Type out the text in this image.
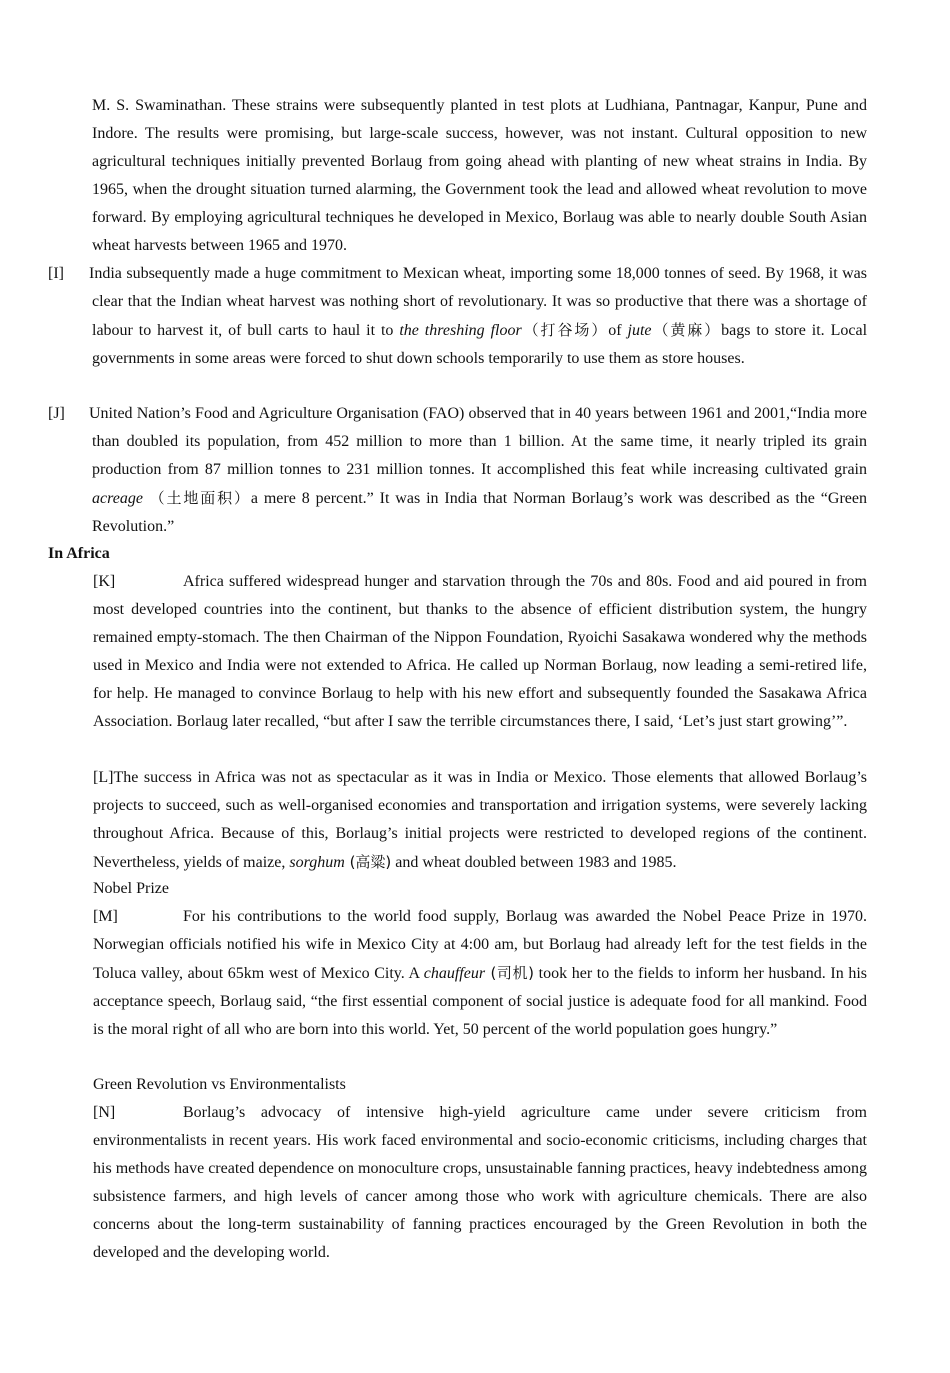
M. S. Swaminathan. These strains were subsequently planted in test plots at Ludhiana, Pantnagar, Kanpur, Pune and Indore. The results were promising, but large-scale success, however, was not instant. Cultural opposition to new agricultural techniques initially prevented Borlaug from going ahead with planting of new wheat strains in India. By 1965, when the drought situation turned alarming, the Government took the lead and allowed wheat revolution to move forward. By employing agricultural techniques he developed in Mexico, Borlaug was able to nearly double South Asian wheat harvests between 1965 and 1970.

[I] India subsequently made a huge commitment to Mexican wheat, importing some 18,000 tonnes of seed. By 1968, it was clear that the Indian wheat harvest was nothing short of revolutionary. It was so productive that there was a shortage of labour to harvest it, of bull carts to haul it to the threshing floor（打谷场）of jute（黄麻）bags to store it. Local governments in some areas were forced to shut down schools temporarily to use them as store houses.

[J] United Nation’s Food and Agriculture Organisation (FAO) observed that in 40 years between 1961 and 2001,“India more than doubled its population, from 452 million to more than 1 billion. At the same time, it nearly tripled its grain production from 87 million tonnes to 231 million tonnes. It accomplished this feat while increasing cultivated grain acreage （土地面积）a mere 8 percent.” It was in India that Norman Borlaug’s work was described as the “Green Revolution.”

In Africa

[K]	Africa suffered widespread hunger and starvation through the 70s and 80s. Food and aid poured in from most developed countries into the continent, but thanks to the absence of efficient distribution system, the hungry remained empty-stomach. The then Chairman of the Nippon Foundation, Ryoichi Sasakawa wondered why the methods used in Mexico and India were not extended to Africa. He called up Norman Borlaug, now leading a semi-retired life, for help. He managed to convince Borlaug to help with his new effort and subsequently founded the Sasakawa Africa Association. Borlaug later recalled, “but after I saw the terrible circumstances there, I said, ‘Let’s just start growing’”.

[L]The success in Africa was not as spectacular as it was in India or Mexico. Those elements that allowed Borlaug’s projects to succeed, such as well-organised economies and transportation and irrigation systems, were severely lacking throughout Africa. Because of this, Borlaug’s initial projects were restricted to developed regions of the continent. Nevertheless, yields of maize, sorghum (高粱) and wheat doubled between 1983 and 1985.

Nobel Prize

[M]	For his contributions to the world food supply, Borlaug was awarded the Nobel Peace Prize in 1970. Norwegian officials notified his wife in Mexico City at 4:00 am, but Borlaug had already left for the test fields in the Toluca valley, about 65km west of Mexico City. A chauffeur (司机) took her to the fields to inform her husband. In his acceptance speech, Borlaug said, “the first essential component of social justice is adequate food for all mankind. Food is the moral right of all who are born into this world. Yet, 50 percent of the world population goes hungry.”

Green Revolution vs Environmentalists

[N]	Borlaug’s advocacy of intensive high-yield agriculture came under severe criticism from environmentalists in recent years. His work faced environmental and socio-economic criticisms, including charges that his methods have created dependence on monoculture crops, unsustainable fanning practices, heavy indebtedness among subsistence farmers, and high levels of cancer among those who work with agriculture chemicals. There are also concerns about the long-term sustainability of fanning practices encouraged by the Green Revolution in both the developed and the developing world.
